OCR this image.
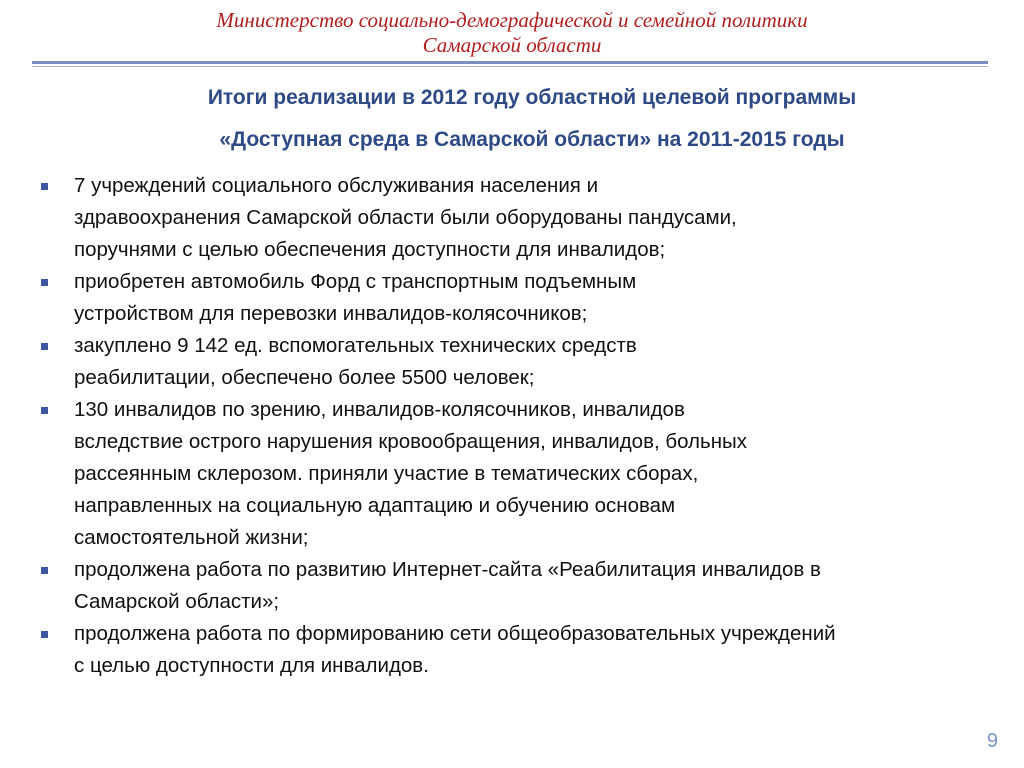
Министерство социально-демографической и семейной политики
Самарской области
Итоги реализации в 2012 году областной целевой программы
«Доступная среда в Самарской области» на 2011-2015 годы
7 учреждений социального обслуживания населения и
здравоохранения Самарской области были оборудованы пандусами,
поручнями с целью обеспечения доступности для инвалидов;
приобретен автомобиль Форд с транспортным подъемным
устройством для перевозки инвалидов-колясочников;
закуплено 9 142 ед. вспомогательных технических средств
реабилитации, обеспечено более 5500 человек;
130 инвалидов по зрению, инвалидов-колясочников, инвалидов
вследствие острого нарушения кровообращения, инвалидов, больных
рассеянным склерозом. приняли участие в тематических сборах,
направленных на социальную адаптацию и обучению основам
самостоятельной жизни;
продолжена работа по развитию Интернет-сайта «Реабилитация инвалидов в
Самарской области»;
продолжена работа по формированию сети общеобразовательных учреждений
с целью доступности для инвалидов.
9
